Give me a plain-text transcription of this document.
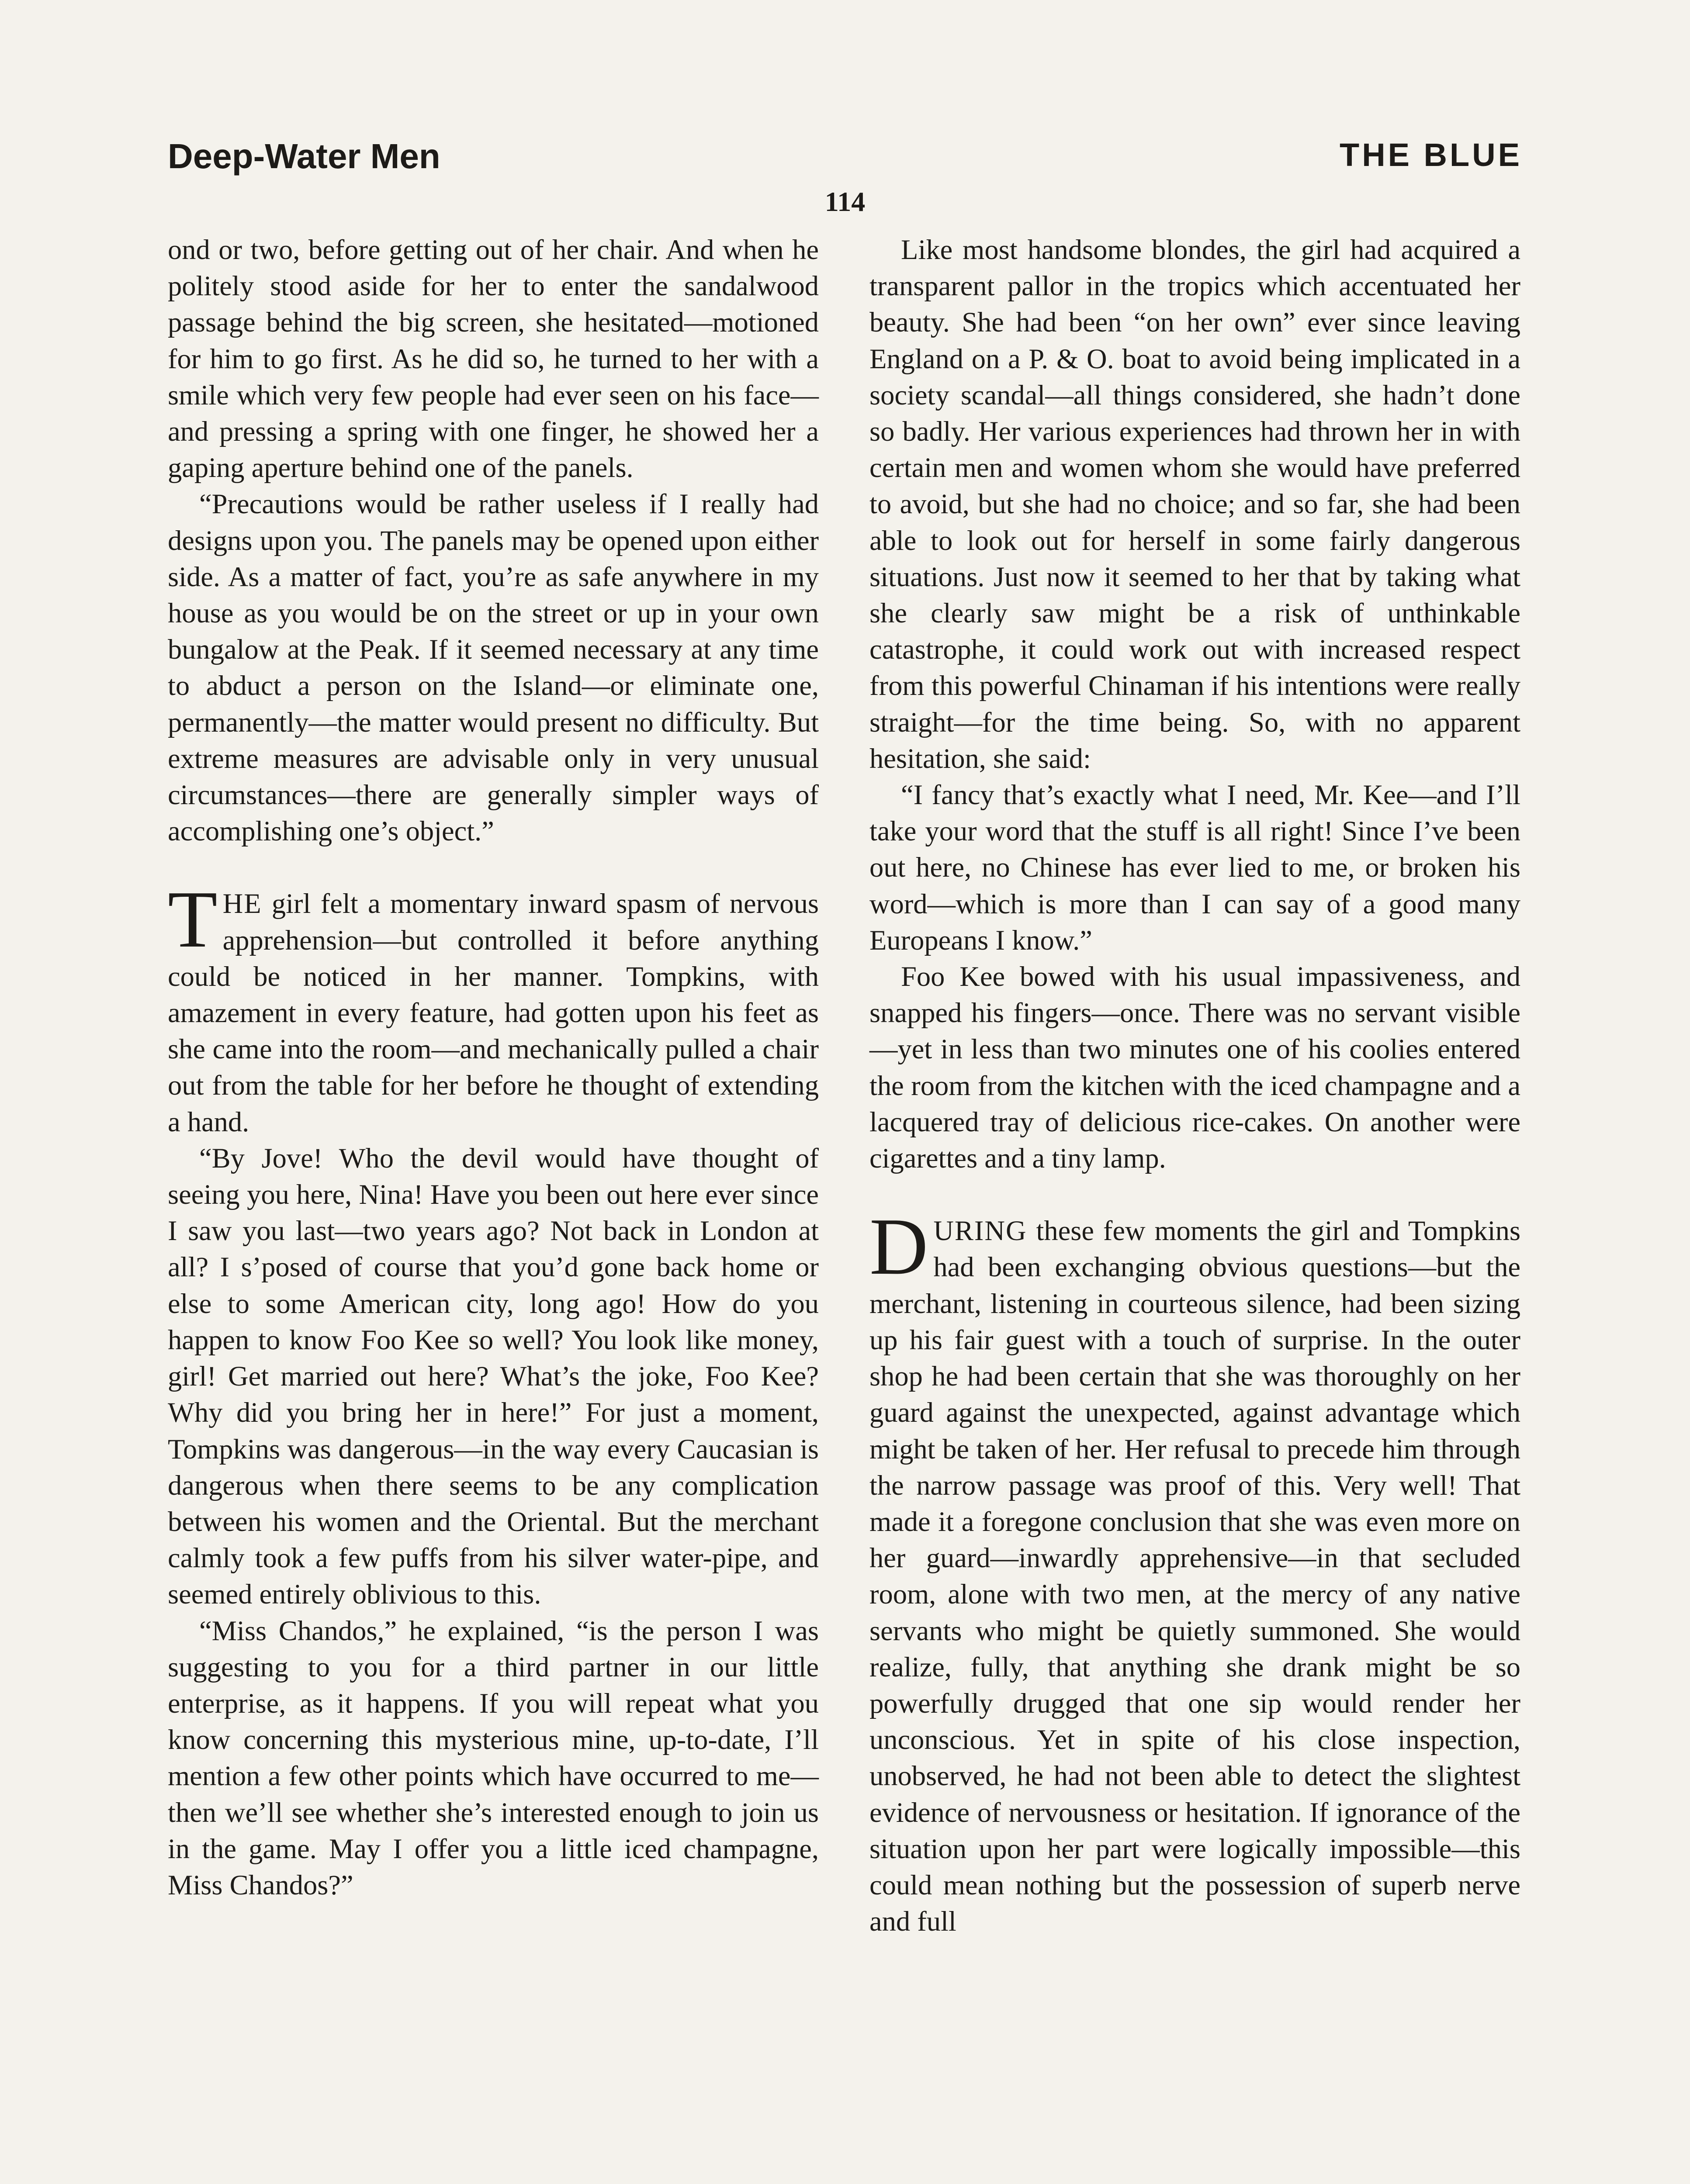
Deep-Water Men	THE BLUE
114

ond or two, before getting out of her chair. And when he politely stood aside for her to enter the sandalwood passage behind the big screen, she hesitated—motioned for him to go first. As he did so, he turned to her with a smile which very few people had ever seen on his face—and pressing a spring with one finger, he showed her a gaping aperture behind one of the panels.

“Precautions would be rather useless if I really had designs upon you. The panels may be opened upon either side. As a matter of fact, you’re as safe anywhere in my house as you would be on the street or up in your own bungalow at the Peak. If it seemed necessary at any time to abduct a person on the Island—or eliminate one, permanently—the matter would present no difficulty. But extreme measures are advisable only in very unusual circumstances—there are generally simpler ways of accomplishing one’s object.”

THE girl felt a momentary inward spasm of nervous apprehension—but controlled it before anything could be noticed in her manner. Tompkins, with amazement in every feature, had gotten upon his feet as she came into the room—and mechanically pulled a chair out from the table for her before he thought of extending a hand.

“By Jove! Who the devil would have thought of seeing you here, Nina! Have you been out here ever since I saw you last—two years ago? Not back in London at all? I s’posed of course that you’d gone back home or else to some American city, long ago! How do you happen to know Foo Kee so well? You look like money, girl! Get married out here? What’s the joke, Foo Kee? Why did you bring her in here!” For just a moment, Tompkins was dangerous—in the way every Caucasian is dangerous when there seems to be any complication between his women and the Oriental. But the merchant calmly took a few puffs from his silver water-pipe, and seemed entirely oblivious to this.

“Miss Chandos,” he explained, “is the person I was suggesting to you for a third partner in our little enterprise, as it happens. If you will repeat what you know concerning this mysterious mine, up-to-date, I’ll mention a few other points which have occurred to me—then we’ll see whether she’s interested enough to join us in the game. May I offer you a little iced champagne, Miss Chandos?”

Like most handsome blondes, the girl had acquired a transparent pallor in the tropics which accentuated her beauty. She had been “on her own” ever since leaving England on a P. & O. boat to avoid being implicated in a society scandal—all things considered, she hadn’t done so badly. Her various experiences had thrown her in with certain men and women whom she would have preferred to avoid, but she had no choice; and so far, she had been able to look out for herself in some fairly dangerous situations. Just now it seemed to her that by taking what she clearly saw might be a risk of unthinkable catastrophe, it could work out with increased respect from this powerful Chinaman if his intentions were really straight—for the time being. So, with no apparent hesitation, she said:

“I fancy that’s exactly what I need, Mr. Kee—and I’ll take your word that the stuff is all right! Since I’ve been out here, no Chinese has ever lied to me, or broken his word—which is more than I can say of a good many Europeans I know.”

Foo Kee bowed with his usual impassiveness, and snapped his fingers—once. There was no servant visible—yet in less than two minutes one of his coolies entered the room from the kitchen with the iced champagne and a lacquered tray of delicious rice-cakes. On another were cigarettes and a tiny lamp.

DURING these few moments the girl and Tompkins had been exchanging obvious questions—but the merchant, listening in courteous silence, had been sizing up his fair guest with a touch of surprise. In the outer shop he had been certain that she was thoroughly on her guard against the unexpected, against advantage which might be taken of her. Her refusal to precede him through the narrow passage was proof of this. Very well! That made it a foregone conclusion that she was even more on her guard—inwardly apprehensive—in that secluded room, alone with two men, at the mercy of any native servants who might be quietly summoned. She would realize, fully, that anything she drank might be so powerfully drugged that one sip would render her unconscious. Yet in spite of his close inspection, unobserved, he had not been able to detect the slightest evidence of nervousness or hesitation. If ignorance of the situation upon her part were logically impossible—this could mean nothing but the possession of superb nerve and full
